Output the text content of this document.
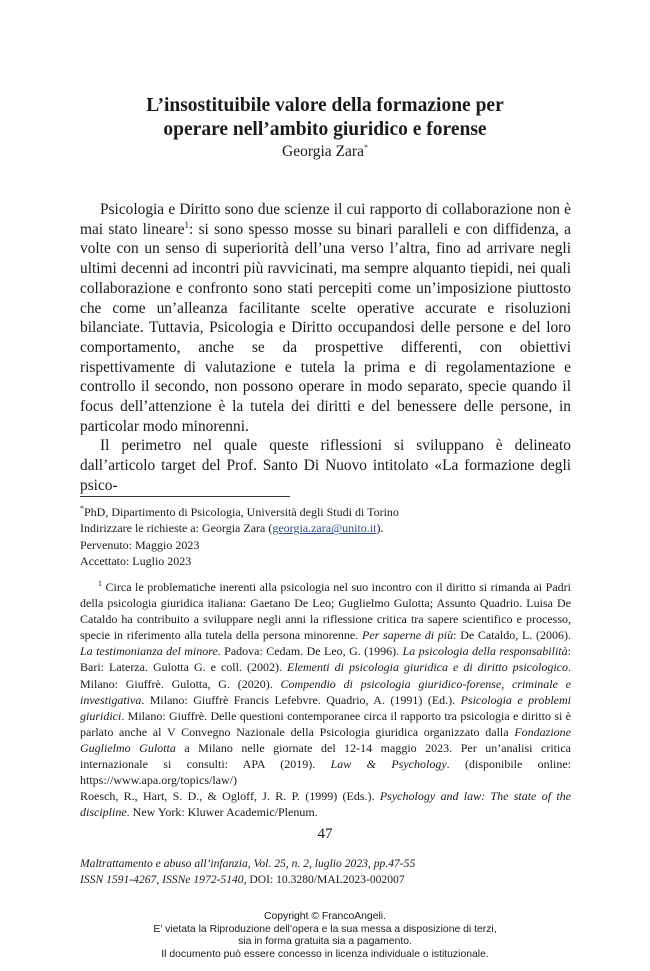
L’insostituibile valore della formazione per
operare nell’ambito giuridico e forense
Georgia Zara*

Psicologia e Diritto sono due scienze il cui rapporto di collaborazione non è mai stato lineare$^1$: si sono spesso mosse su binari paralleli e con diffidenza, a volte con un senso di superiorità dell’una verso l’altra, fino ad arrivare negli ultimi decenni ad incontri più ravvicinati, ma sempre alquanto tiepidi, nei quali collaborazione e confronto sono stati percepiti come un’imposizione piuttosto che come un’alleanza facilitante scelte operative accurate e risoluzioni bilanciate. Tuttavia, Psicologia e Diritto occupandosi delle persone e del loro comportamento, anche se da prospettive differenti, con obiettivi rispettivamente di valutazione e tutela la prima e di regolamentazione e controllo il secondo, non possono operare in modo separato, specie quando il focus dell’attenzione è la tutela dei diritti e del benessere delle persone, in particolar modo minorenni.

Il perimetro nel quale queste riflessioni si sviluppano è delineato dall’articolo target del Prof. Santo Di Nuovo intitolato «La formazione degli psico-

*PhD, Dipartimento di Psicologia, Università degli Studi di Torino
Indirizzare le richieste a: Georgia Zara (georgia.zara@unito.it).
Pervenuto: Maggio 2023
Accettato: Luglio 2023
$^1$ Circa le problematiche inerenti alla psicologia nel suo incontro con il diritto si rimanda ai Padri della psicologia giuridica italiana: Gaetano De Leo; Guglielmo Gulotta; Assunto Quadrio. Luisa De Cataldo ha contribuito a sviluppare negli anni la riflessione critica tra sapere scientifico e processo, specie in riferimento alla tutela della persona minorenne. Per saperne di più: De Cataldo, L. (2006). La testimonianza del minore. Padova: Cedam. De Leo, G. (1996). La psicologia della responsabilità: Bari: Laterza. Gulotta G. e coll. (2002). Elementi di psicologia giuridica e di diritto psicologico. Milano: Giuffrè. Gulotta, G. (2020). Compendio di psicologia giuridico-forense, criminale e investigativa. Milano: Giuffrè Francis Lefebvre. Quadrio, A. (1991) (Ed.). Psicologia e problemi giuridici. Milano: Giuffrè. Delle questioni contemporanee circa il rapporto tra psicologia e diritto si è parlato anche al V Convegno Nazionale della Psicologia giuridica organizzato dalla Fondazione Guglielmo Gulotta a Milano nelle giornate del 12-14 maggio 2023. Per un’analisi critica internazionale si consulti: APA (2019). Law & Psychology. (disponibile online: https://www.apa.org/topics/law/)
Roesch, R., Hart, S. D., & Ogloff, J. R. P. (1999) (Eds.). Psychology and law: The state of the discipline. New York: Kluwer Academic/Plenum.
47
Maltrattamento e abuso all’infanzia, Vol. 25, n. 2, luglio 2023, pp.47-55
ISSN 1591-4267, ISSNe 1972-5140, DOI: 10.3280/MAL2023-002007
Copyright © FrancoAngeli.
E’ vietata la Riproduzione dell’opera e la sua messa a disposizione di terzi,
sia in forma gratuita sia a pagamento.
Il documento può essere concesso in licenza individuale o istituzionale.
